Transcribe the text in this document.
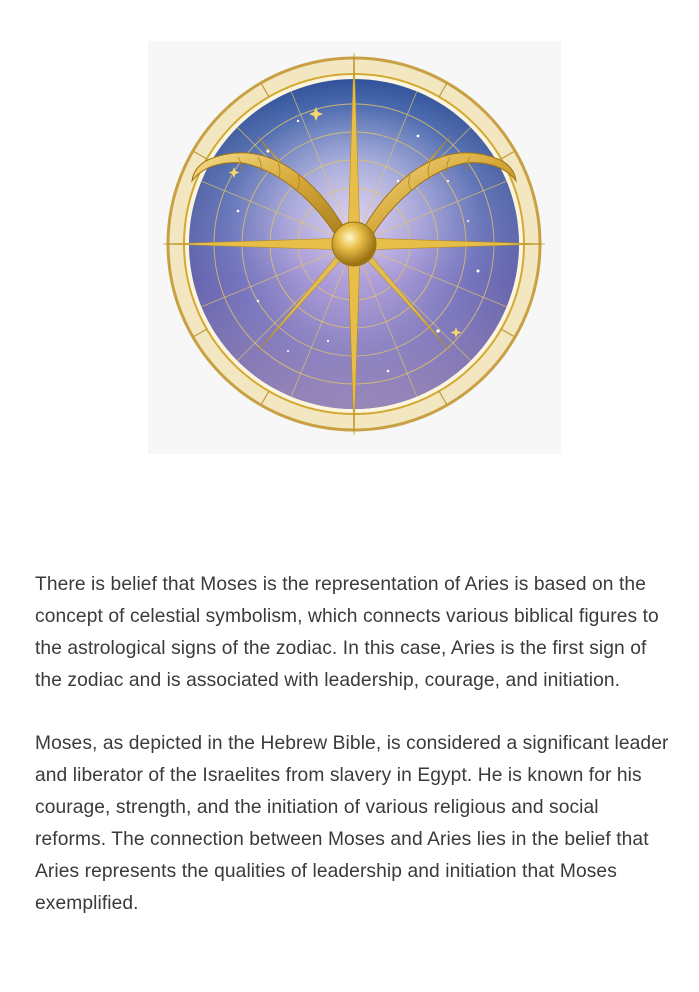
There is belief that Moses is the representation of Aries is based on the concept of celestial symbolism, which connects various biblical figures to the astrological signs of the zodiac. In this case, Aries is the first sign of the zodiac and is associated with leadership, courage, and initiation.

Moses, as depicted in the Hebrew Bible, is considered a significant leader and liberator of the Israelites from slavery in Egypt. He is known for his courage, strength, and the initiation of various religious and social reforms. The connection between Moses and Aries lies in the belief that Aries represents the qualities of leadership and initiation that Moses exemplified.
